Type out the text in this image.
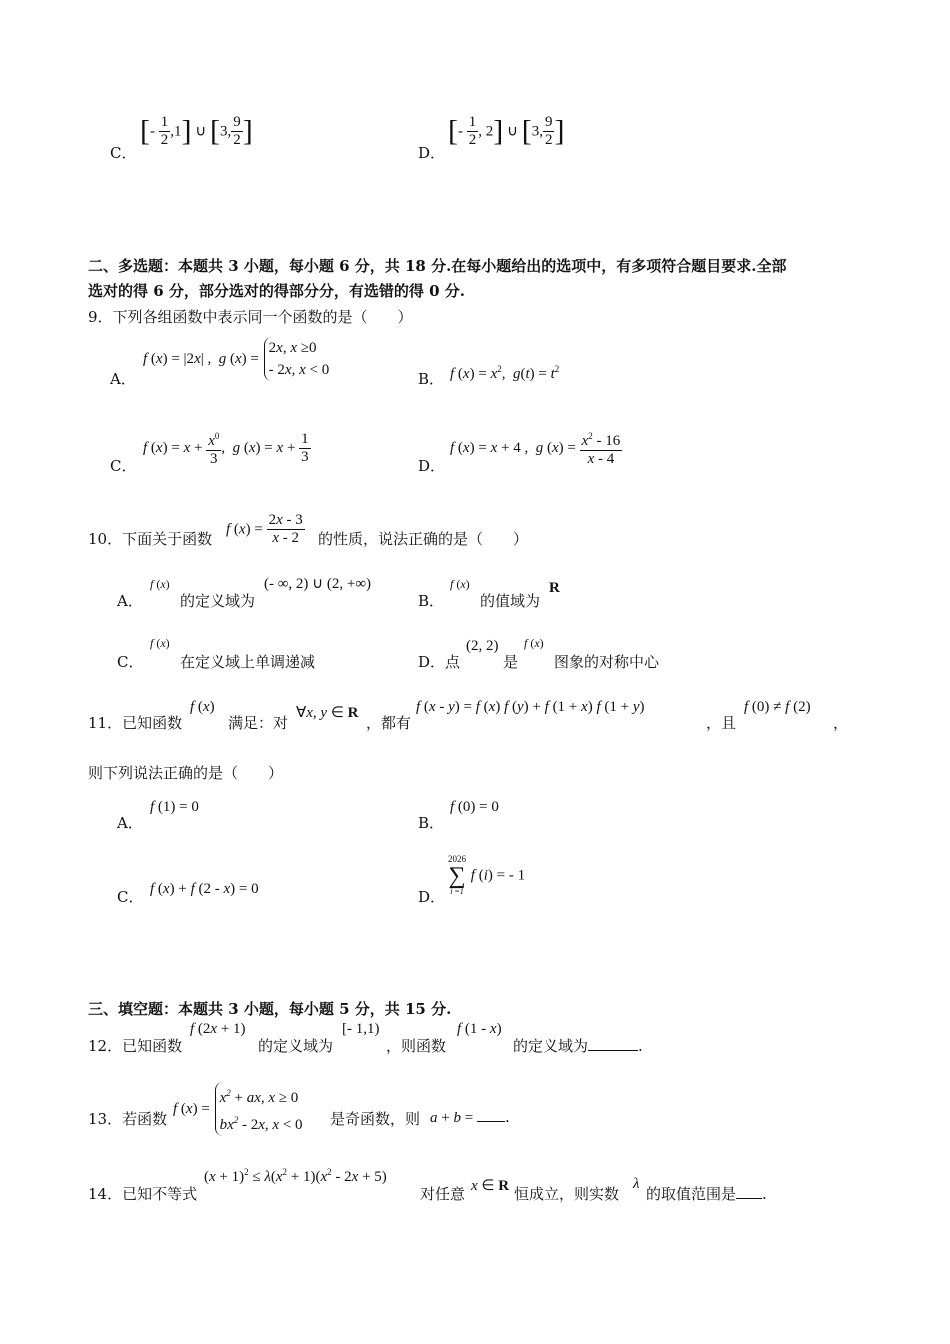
C．
[- $\frac{1}{2} ,1$] ∪ [3, $\frac{9}{2}$ ]
D．
[- $\frac{1}{2}$ , 2] ∪ [3, $\frac{9}{2}$ ]
二、多选题：本题共 3 小题，每小题 6 分，共 18 分.在每小题给出的选项中，有多项符合题目要求.全部
选对的得 6 分，部分选对的得部分分，有选错的得 0 分.
9．下列各组函数中表示同一个函数的是（　　）
A．
f (x) = |2x| ,  g (x) = 2x, x ≥0
- 2x, x < 0	B． f $(x) = x^2$,  $g(t) = t^2$
C．
f $(x) = x + \frac{x^0}{3}$ ,  g $(x) = x + \frac{1}{3}$
D．
f (x) = x + 4 ,  g $(x) = \frac{x^2 - 16}{x - 4}$
10．下面关于函数
f $(x) = \frac{2x - 3}{x - 2}$ 的性质，说法正确的是（　　）
A．
f (x)
的定义域为
(- ∞, 2) ∪ (2, +∞)
B．
f (x)
的值域为
R
C．
f (x)
在定义域上单调递减	D．点
(2, 2)
是
f (x)
图象的对称中心
11．已知函数
f (x)
满足：对
∀x, y ∈ R
，都有
f (x - y) = f (x) f (y) + f (1 + x) f (1 + y)
，且
f (0) ≠ f (2)
，
则下列说法正确的是（　　）
A．
f (1) = 0
B．
f (0) = 0
C． f (x) + f (2 - x) = 0	D．
2026
∑
i =1
f (i) = - 1
三、填空题：本题共 3 小题，每小题 5 分，共 15 分.
12．已知函数
f (2x + 1)
的定义域为
[- 1,1)
，则函数
f (1 - x)
的定义域为	.
13．若函数
f $(x) = x^2$ + ax, x ≥ 0
$bx^2 - 2x$, x < 0 是奇函数，则 a + b = .
14．已知不等式
$(x + 1)^2 \le \lambda(x^2 + 1)(x^2 - 2x + 5)$
对任意 x ∈ R 恒成立，则实数
λ
的取值范围是 .
